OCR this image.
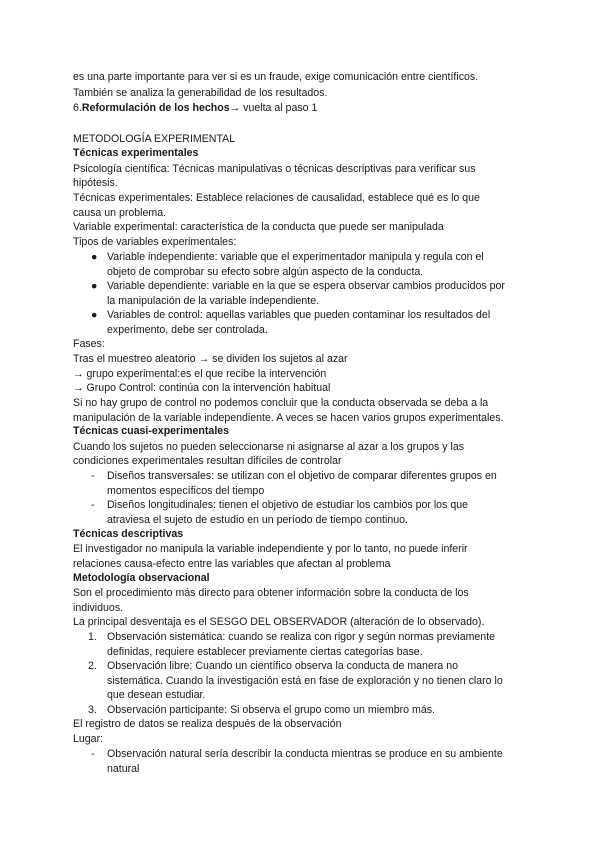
es una parte importante para ver si es un fraude, exige comunicación entre científicos.
También se analiza la generabilidad de los resultados.
6.Reformulación de los hechos→ vuelta al paso 1
METODOLOGÍA EXPERIMENTAL
Técnicas experimentales
Psicología científica: Técnicas manipulativas o técnicas descriptivas para verificar sus
hipótesis.
Técnicas experimentales: Establece relaciones de causalidad, establece qué es lo que
causa un problema.
Variable experimental: característica de la conducta que puede ser manipulada
Tipos de variables experimentales:
● Variable independiente: variable que el experimentador manipula y regula con el
objeto de comprobar su efecto sobre algún aspecto de la conducta.
● Variable dependiente: variable en la que se espera observar cambios producidos por
la manipulación de la variable independiente.
● Variables de control: aquellas variables que pueden contaminar los resultados del
experimento, debe ser controlada.
Fases:
Tras el muestreo aleatorio → se dividen los sujetos al azar
→ grupo experimental:es el que recibe la intervención
→ Grupo Control: continúa con la intervención habitual
Si no hay grupo de control no podemos concluir que la conducta observada se deba a la
manipulación de la variable independiente. A veces se hacen varios grupos experimentales.
Técnicas cuasi-experimentales
Cuando los sujetos no pueden seleccionarse ni asignarse al azar a los grupos y las
condiciones experimentales resultan difíciles de controlar
- Diseños transversales: se utilizan con el objetivo de comparar diferentes grupos en
momentos específicos del tiempo
- Diseños longitudinales: tienen el objetivo de estudiar los cambios por los que
atraviesa el sujeto de estudio en un período de tiempo continuo.
Técnicas descriptivas
El investigador no manipula la variable independiente y por lo tanto, no puede inferir
relaciones causa-efecto entre las variables que afectan al problema
Metodología observacional
Son el procedimiento más directo para obtener información sobre la conducta de los
individuos.
La principal desventaja es el SESGO DEL OBSERVADOR (alteración de lo observado).
1. Observación sistemática: cuando se realiza con rigor y según normas previamente
definidas, requiere establecer previamente ciertas categorías base.
2. Observación libre: Cuando un científico observa la conducta de manera no
sistemática. Cuando la investigación está en fase de exploración y no tienen claro lo
que desean estudiar.
3. Observación participante: Si observa el grupo como un miembro más.
El registro de datos se realiza después de la observación
Lugar:
- Observación natural sería describir la conducta mientras se produce en su ambiente
natural
